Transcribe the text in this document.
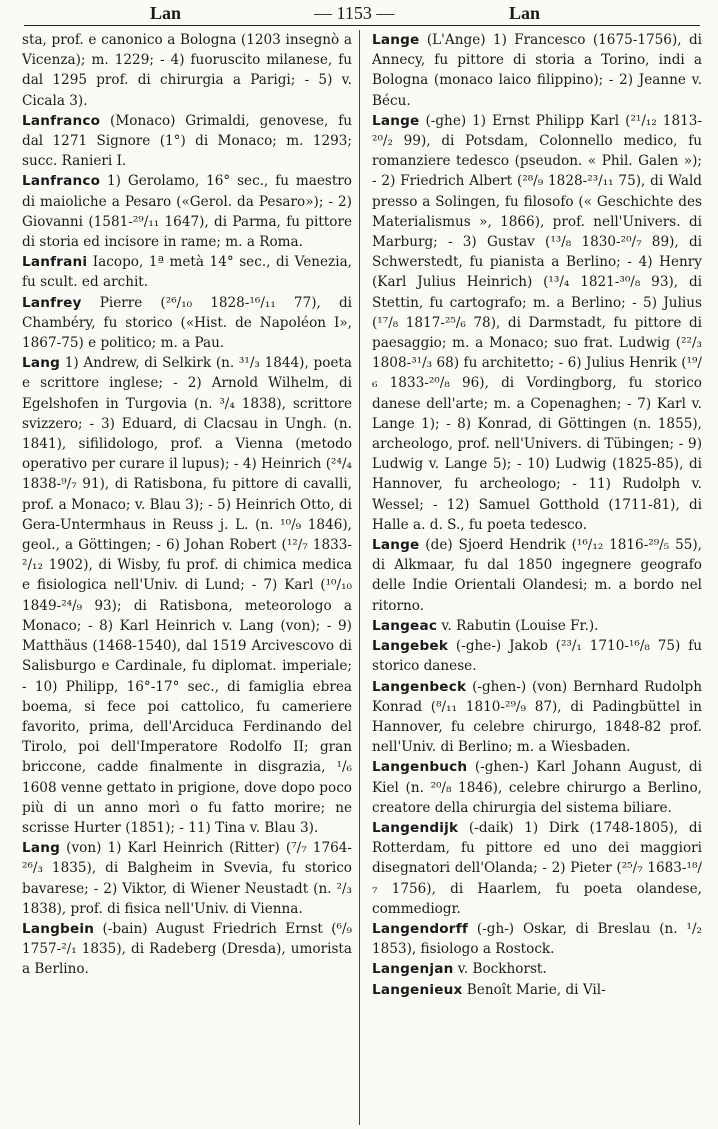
Lan	— 1153 —	Lan

sta, prof. e canonico a Bologna (1203 insegnò a Vicenza); m. 1229; - 4) fuoruscito milanese, fu dal 1295 prof. di chirurgia a Parigi; - 5) v. Cicala 3).

Lanfranco (Monaco) Grimaldi, genovese, fu dal 1271 Signore (1°) di Monaco; m. 1293; succ. Ranieri I.

Lanfranco 1) Gerolamo, 16° sec., fu maestro di maioliche a Pesaro («Gerol. da Pesaro»); - 2) Giovanni (1581-²⁹/₁₁ 1647), di Parma, fu pittore di storia ed incisore in rame; m. a Roma.

Lanfrani Iacopo, 1ª metà 14° sec., di Venezia, fu scult. ed archit.

Lanfrey Pierre (²⁶/₁₀ 1828-¹⁶/₁₁ 77), di Chambéry, fu storico («Hist. de Napoléon I», 1867-75) e politico; m. a Pau.

Lang 1) Andrew, di Selkirk (n. ³¹/₃ 1844), poeta e scrittore inglese; - 2) Arnold Wilhelm, di Egelshofen in Turgovia (n. ³/₄ 1838), scrittore svizzero; - 3) Eduard, di Clacsau in Ungh. (n. 1841), sifilidologo, prof. a Vienna (metodo operativo per curare il lupus); - 4) Heinrich (²⁴/₄ 1838-⁹/₇ 91), di Ratisbona, fu pittore di cavalli, prof. a Monaco; v. Blau 3); - 5) Heinrich Otto, di Gera-Untermhaus in Reuss j. L. (n. ¹⁰/₉ 1846), geol., a Göttingen; - 6) Johan Robert (¹²/₇ 1833-²/₁₂ 1902), di Wisby, fu prof. di chimica medica e fisiologica nell'Univ. di Lund; - 7) Karl (¹⁰/₁₀ 1849-²⁴/₉ 93); di Ratisbona, meteorologo a Monaco; - 8) Karl Heinrich v. Lang (von); - 9) Matthäus (1468-1540), dal 1519 Arcivescovo di Salisburgo e Cardinale, fu diplomat. imperiale; - 10) Philipp, 16°-17° sec., di famiglia ebrea boema, si fece poi cattolico, fu cameriere favorito, prima, dell'Arciduca Ferdinando del Tirolo, poi dell'Imperatore Rodolfo II; gran briccone, cadde finalmente in disgrazia, ¹/₆ 1608 venne gettato in prigione, dove dopo poco più di un anno morì o fu fatto morire; ne scrisse Hurter (1851); - 11) Tina v. Blau 3).

Lang (von) 1) Karl Heinrich (Ritter) (⁷/₇ 1764-²⁶/₃ 1835), di Balgheim in Svevia, fu storico bavarese; - 2) Viktor, di Wiener Neustadt (n. ²/₃ 1838), prof. di fisica nell'Univ. di Vienna.

Langbein (-bain) August Friedrich Ernst (⁶/₉ 1757-²/₁ 1835), di Radeberg (Dresda), umorista a Berlino.

Lange (L'Ange) 1) Francesco (1675-1756), di Annecy, fu pittore di storia a Torino, indi a Bologna (monaco laico filippino); - 2) Jeanne v. Bécu.

Lange (-ghe) 1) Ernst Philipp Karl (²¹/₁₂ 1813-²⁰/₂ 99), di Potsdam, Colonnello medico, fu romanziere tedesco (pseudon. « Phil. Galen »); - 2) Friedrich Albert (²⁸/₉ 1828-²³/₁₁ 75), di Wald presso a Solingen, fu filosofo (« Geschichte des Materialismus », 1866), prof. nell'Univers. di Marburg; - 3) Gustav (¹³/₈ 1830-²⁰/₇ 89), di Schwerstedt, fu pianista a Berlino; - 4) Henry (Karl Julius Heinrich) (¹³/₄ 1821-³⁰/₈ 93), di Stettin, fu cartografo; m. a Berlino; - 5) Julius (¹⁷/₈ 1817-²⁵/₆ 78), di Darmstadt, fu pittore di paesaggio; m. a Monaco; suo frat. Ludwig (²²/₃ 1808-³¹/₃ 68) fu architetto; - 6) Julius Henrik (¹⁹/₆ 1833-²⁰/₈ 96), di Vordingborg, fu storico danese dell'arte; m. a Copenaghen; - 7) Karl v. Lange 1); - 8) Konrad, di Göttingen (n. 1855), archeologo, prof. nell'Univers. di Tübingen; - 9) Ludwig v. Lange 5); - 10) Ludwig (1825-85), di Hannover, fu archeologo; - 11) Rudolph v. Wessel; - 12) Samuel Gotthold (1711-81), di Halle a. d. S., fu poeta tedesco.

Lange (de) Sjoerd Hendrik (¹⁶/₁₂ 1816-²⁹/₅ 55), di Alkmaar, fu dal 1850 ingegnere geografo delle Indie Orientali Olandesi; m. a bordo nel ritorno.

Langeac v. Rabutin (Louise Fr.).

Langebek (-ghe-) Jakob (²³/₁ 1710-¹⁶/₈ 75) fu storico danese.

Langenbeck (-ghen-) (von) Bernhard Rudolph Konrad (⁸/₁₁ 1810-²⁹/₉ 87), di Padingbüttel in Hannover, fu celebre chirurgo, 1848-82 prof. nell'Univ. di Berlino; m. a Wiesbaden.

Langenbuch (-ghen-) Karl Johann August, di Kiel (n. ²⁰/₈ 1846), celebre chirurgo a Berlino, creatore della chirurgia del sistema biliare.

Langendijk (-daik) 1) Dirk (1748-1805), di Rotterdam, fu pittore ed uno dei maggiori disegnatori dell'Olanda; - 2) Pieter (²⁵/₇ 1683-¹⁸/₇ 1756), di Haarlem, fu poeta olandese, commediogr.

Langendorff (-gh-) Oskar, di Breslau (n. ¹/₂ 1853), fisiologo a Rostock.

Langenjan v. Bockhorst.

Langenieux Benoît Marie, di Vil-
